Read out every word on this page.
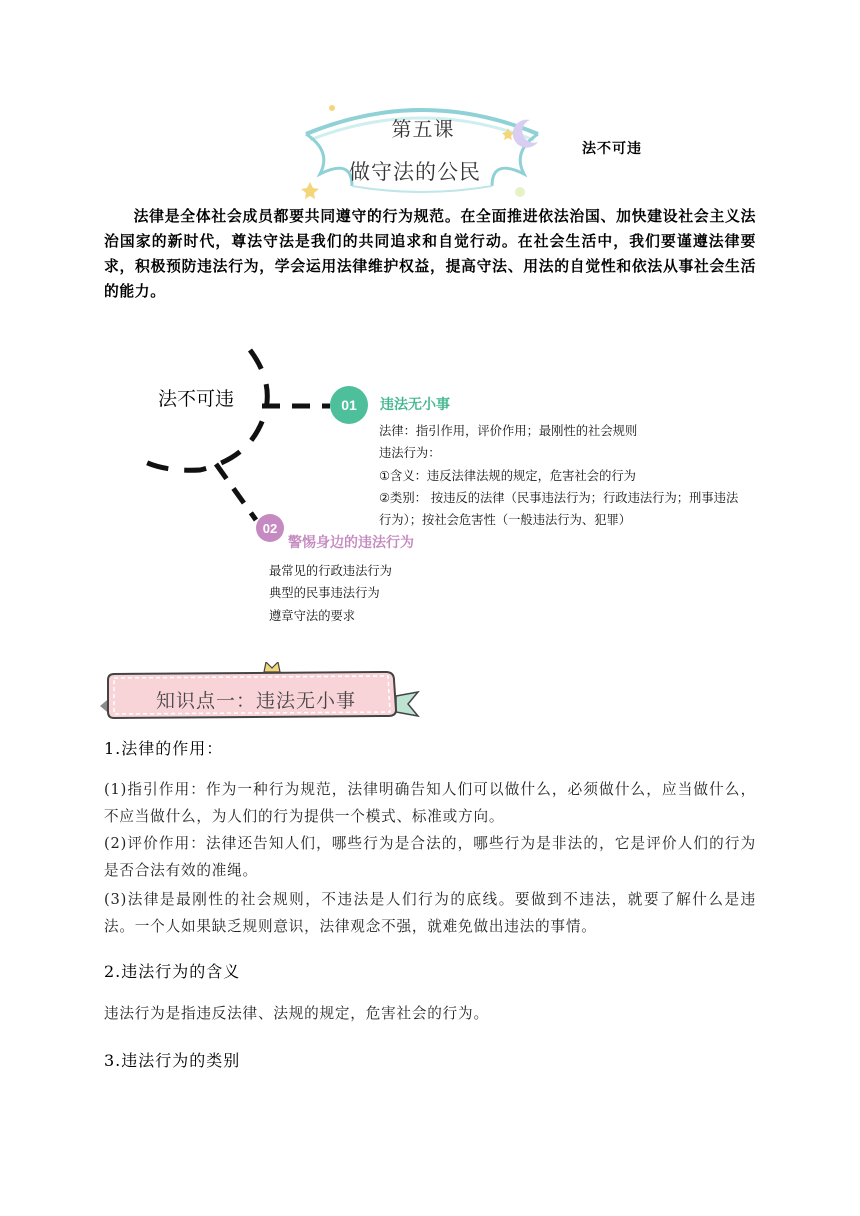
第五课
做守法的公民
法不可违
法律是全体社会成员都要共同遵守的行为规范。在全面推进依法治国、加快建设社会主义法治国家的新时代，尊法守法是我们的共同追求和自觉行动。在社会生活中，我们要谨遵法律要求，积极预防违法行为，学会运用法律维护权益，提高守法、用法的自觉性和依法从事社会生活的能力。
法不可违	01	违法无小事
法律：指引作用，评价作用；最刚性的社会规则
违法行为：
①含义：违反法律法规的规定，危害社会的行为
②类别： 按违反的法律（民事违法行为；行政违法行为；刑事违法行为）；按社会危害性（一般违法行为、犯罪）
02
警惕身边的违法行为
最常见的行政违法行为
典型的民事违法行为
遵章守法的要求
知识点一：违法无小事
1.法律的作用：
(1)指引作用：作为一种行为规范，法律明确告知人们可以做什么，必须做什么，应当做什么，不应当做什么，为人们的行为提供一个模式、标准或方向。
(2)评价作用：法律还告知人们，哪些行为是合法的，哪些行为是非法的，它是评价人们的行为是否合法有效的准绳。
(3)法律是最刚性的社会规则，不违法是人们行为的底线。要做到不违法，就要了解什么是违法。一个人如果缺乏规则意识，法律观念不强，就难免做出违法的事情。
2.违法行为的含义
违法行为是指违反法律、法规的规定，危害社会的行为。
3.违法行为的类别
